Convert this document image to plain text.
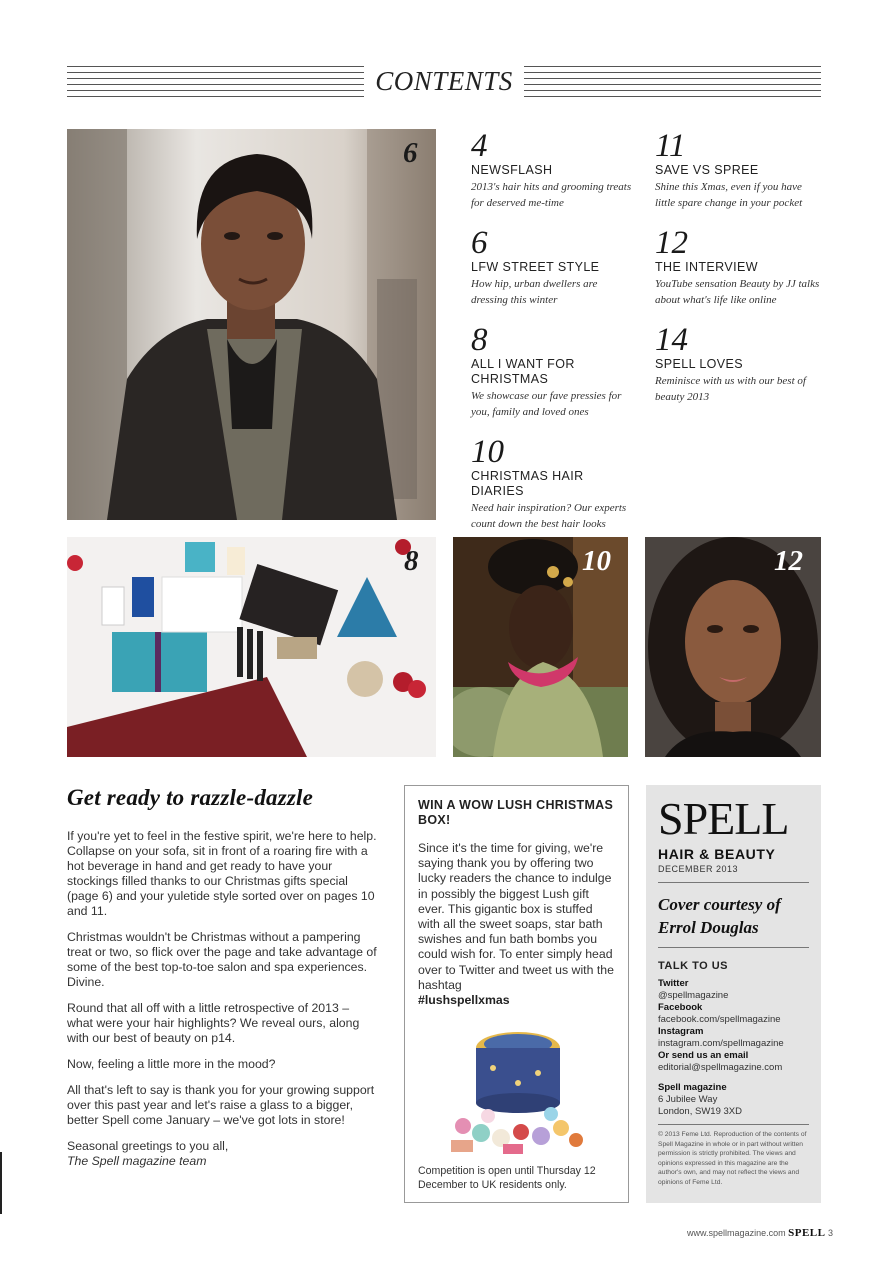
CONTENTS
6 4
NEWSFLASH
2013's hair hits and grooming treats for deserved me-time
11
SAVE VS SPREE
Shine this Xmas, even if you have little spare change in your pocket
6
LFW STREET STYLE
How hip, urban dwellers are dressing this winter
12
THE INTERVIEW
YouTube sensation Beauty by JJ talks about what's life like online
8
ALL I WANT FOR CHRISTMAS
We showcase our fave pressies for you, family and loved ones
14
SPELL LOVES
Reminisce with us with our best of beauty 2013
10
CHRISTMAS HAIR DIARIES
Need hair inspiration? Our experts count down the best hair looks
8	10	12
Get ready to razzle-dazzle

If you're yet to feel in the festive spirit, we're here to help. Collapse on your sofa, sit in front of a roaring fire with a hot beverage in hand and get ready to have your stockings filled thanks to our Christmas gifts special (page 6) and your yuletide style sorted over on pages 10 and 11.

Christmas wouldn't be Christmas without a pampering treat or two, so flick over the page and take advantage of some of the best top-to-toe salon and spa experiences. Divine.

Round that all off with a little retrospective of 2013 – what were your hair highlights? We reveal ours, along with our best of beauty on p14.

Now, feeling a little more in the mood?

All that's left to say is thank you for your growing support over this past year and let's raise a glass to a bigger, better Spell come January – we've got lots in store!

Seasonal greetings to you all,
The Spell magazine team

WIN A WOW LUSH CHRISTMAS BOX!

Since it's the time for giving, we're saying thank you by offering two lucky readers the chance to indulge in possibly the biggest Lush gift ever. This gigantic box is stuffed with all the sweet soaps, star bath swishes and fun bath bombs you could wish for. To enter simply head over to Twitter and tweet us with the hashtag
#lushspellxmas

Competition is open until Thursday 12 December to UK residents only.
SPELL
HAIR & BEAUTY
DECEMBER 2013
Cover courtesy of Errol Douglas
TALK TO US
Twitter
@spellmagazine
Facebook
facebook.com/spellmagazine
Instagram
instagram.com/spellmagazine
Or send us an email
editorial@spellmagazine.com
Spell magazine
6 Jubilee Way
London, SW19 3XD
© 2013 Feme Ltd. Reproduction of the contents of Spell Magazine in whole or in part without written permission is strictly prohibited. The views and opinions expressed in this magazine are the author's own, and may not reflect the views and opinions of Feme Ltd.
www.spellmagazine.com SPELL 3
